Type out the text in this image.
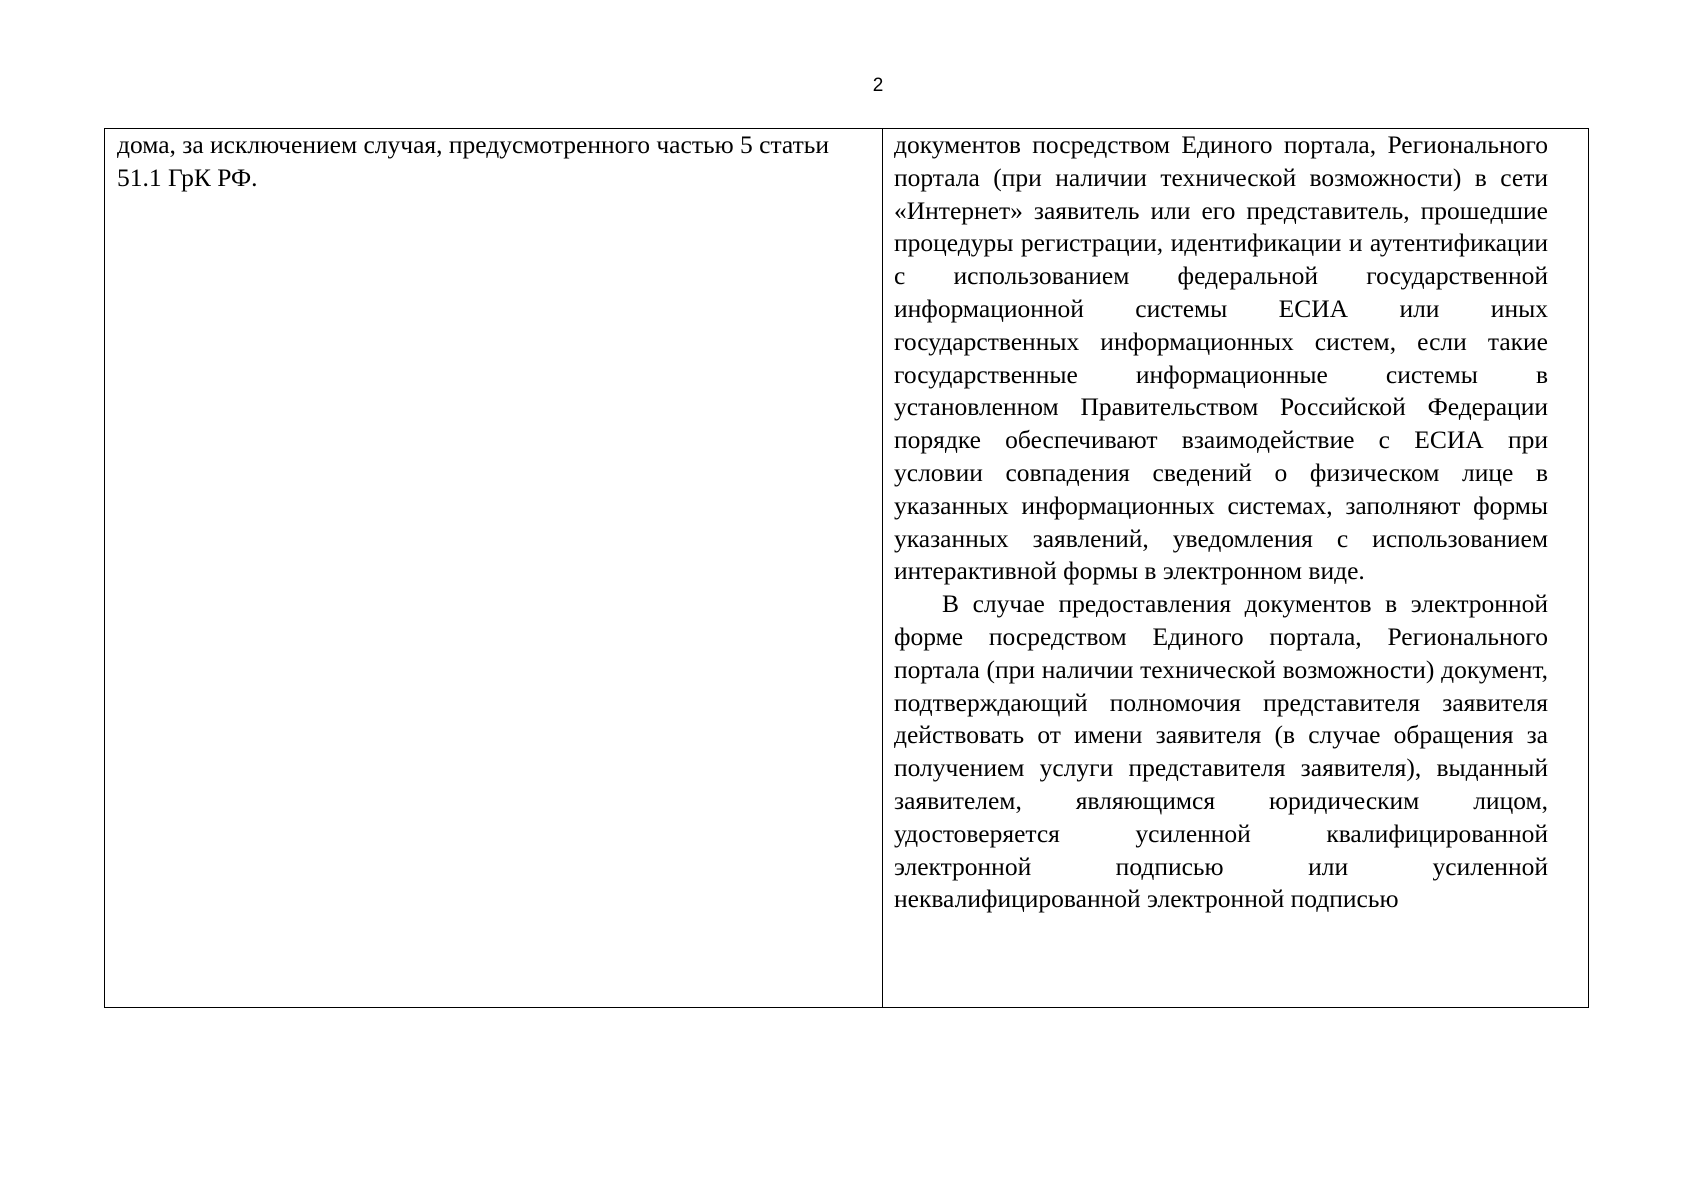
2

дома, за исключением случая, предусмотренного частью 5 статьи 51.1 ГрК РФ.

документов посредством Единого портала, Регионального портала (при наличии технической возможности) в сети «Интернет» заявитель или его представитель, прошедшие процедуры регистрации, идентификации и аутентификации с использованием федеральной государственной информационной системы ЕСИА или иных государственных информационных систем, если такие государственные информационные системы в установленном Правительством Российской Федерации порядке обеспечивают взаимодействие с ЕСИА при условии совпадения сведений о физическом лице в указанных информационных системах, заполняют формы указанных заявлений, уведомления с использованием интерактивной формы в электронном виде.

В случае предоставления документов в электронной форме посредством Единого портала, Регионального портала (при наличии технической возможности) документ, подтверждающий полномочия представителя заявителя действовать от имени заявителя (в случае обращения за получением услуги представителя заявителя), выданный заявителем, являющимся юридическим лицом, удостоверяется усиленной квалифицированной электронной подписью или усиленной неквалифицированной электронной подписью
